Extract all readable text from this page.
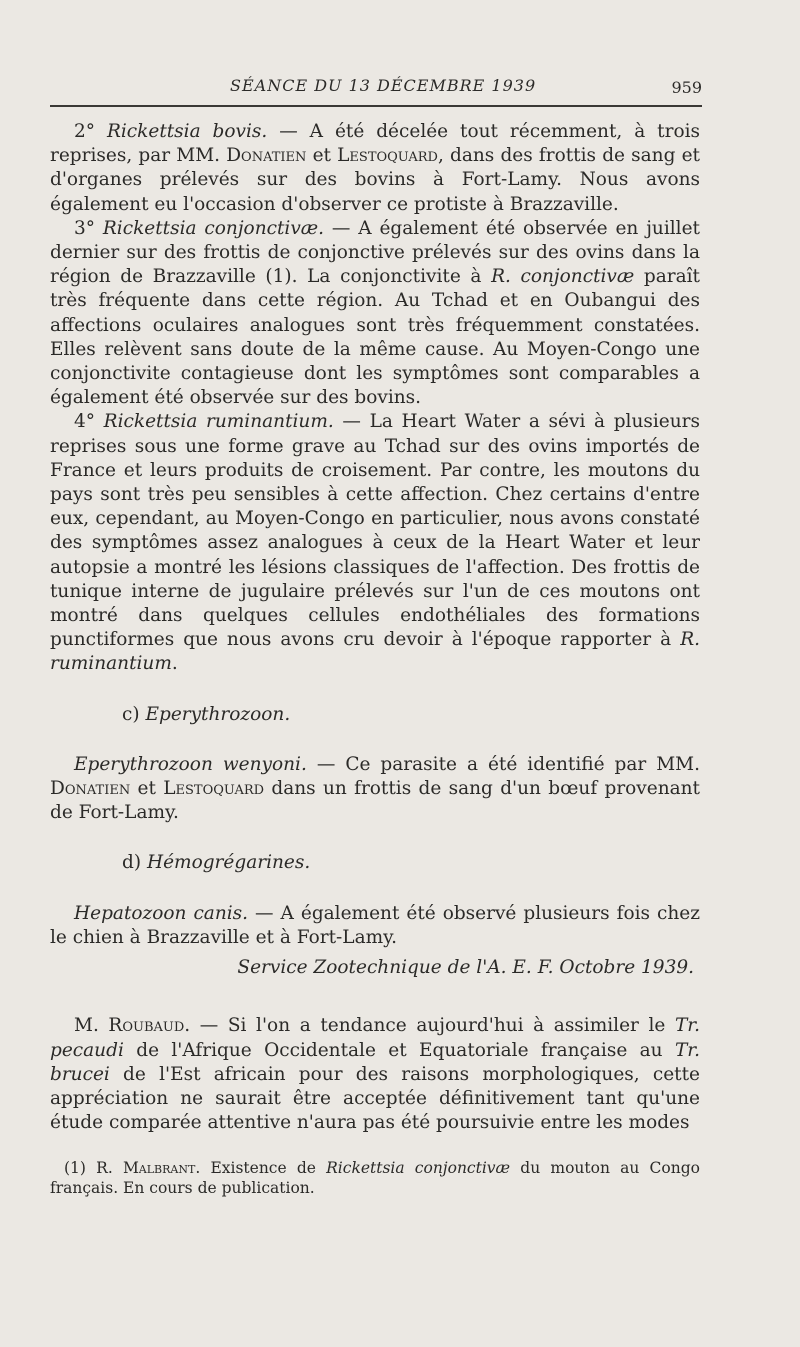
SÉANCE DU 13 DÉCEMBRE 1939	959

2° Rickettsia bovis. — A été décelée tout récemment, à trois reprises, par MM. Donatien et Lestoquard, dans des frottis de sang et d'organes prélevés sur des bovins à Fort-Lamy. Nous avons également eu l'occasion d'observer ce protiste à Brazzaville.

3° Rickettsia conjonctivæ. — A également été observée en juillet dernier sur des frottis de conjonctive prélevés sur des ovins dans la région de Brazzaville (1). La conjonctivite à R. conjonctivæ paraît très fréquente dans cette région. Au Tchad et en Oubangui des affections oculaires analogues sont très fréquemment constatées. Elles relèvent sans doute de la même cause. Au Moyen-Congo une conjonctivite contagieuse dont les symptômes sont comparables a également été observée sur des bovins.

4° Rickettsia ruminantium. — La Heart Water a sévi à plusieurs reprises sous une forme grave au Tchad sur des ovins importés de France et leurs produits de croisement. Par contre, les moutons du pays sont très peu sensibles à cette affection. Chez certains d'entre eux, cependant, au Moyen-Congo en particulier, nous avons constaté des symptômes assez analogues à ceux de la Heart Water et leur autopsie a montré les lésions classiques de l'affection. Des frottis de tunique interne de jugulaire prélevés sur l'un de ces moutons ont montré dans quelques cellules endothéliales des formations punctiformes que nous avons cru devoir à l'époque rapporter à R. ruminantium.

c) Eperythrozoon.

Eperythrozoon wenyoni. — Ce parasite a été identifié par MM. Donatien et Lestoquard dans un frottis de sang d'un bœuf provenant de Fort-Lamy.

d) Hémogrégarines.

Hepatozoon canis. — A également été observé plusieurs fois chez le chien à Brazzaville et à Fort-Lamy.

Service Zootechnique de l'A. E. F. Octobre 1939.

M. Roubaud. — Si l'on a tendance aujourd'hui à assimiler le Tr. pecaudi de l'Afrique Occidentale et Equatoriale française au Tr. brucei de l'Est africain pour des raisons morphologiques, cette appréciation ne saurait être acceptée définitivement tant qu'une étude comparée attentive n'aura pas été poursuivie entre les modes

(1) R. Malbrant. Existence de Rickettsia conjonctivæ du mouton au Congo français. En cours de publication.
